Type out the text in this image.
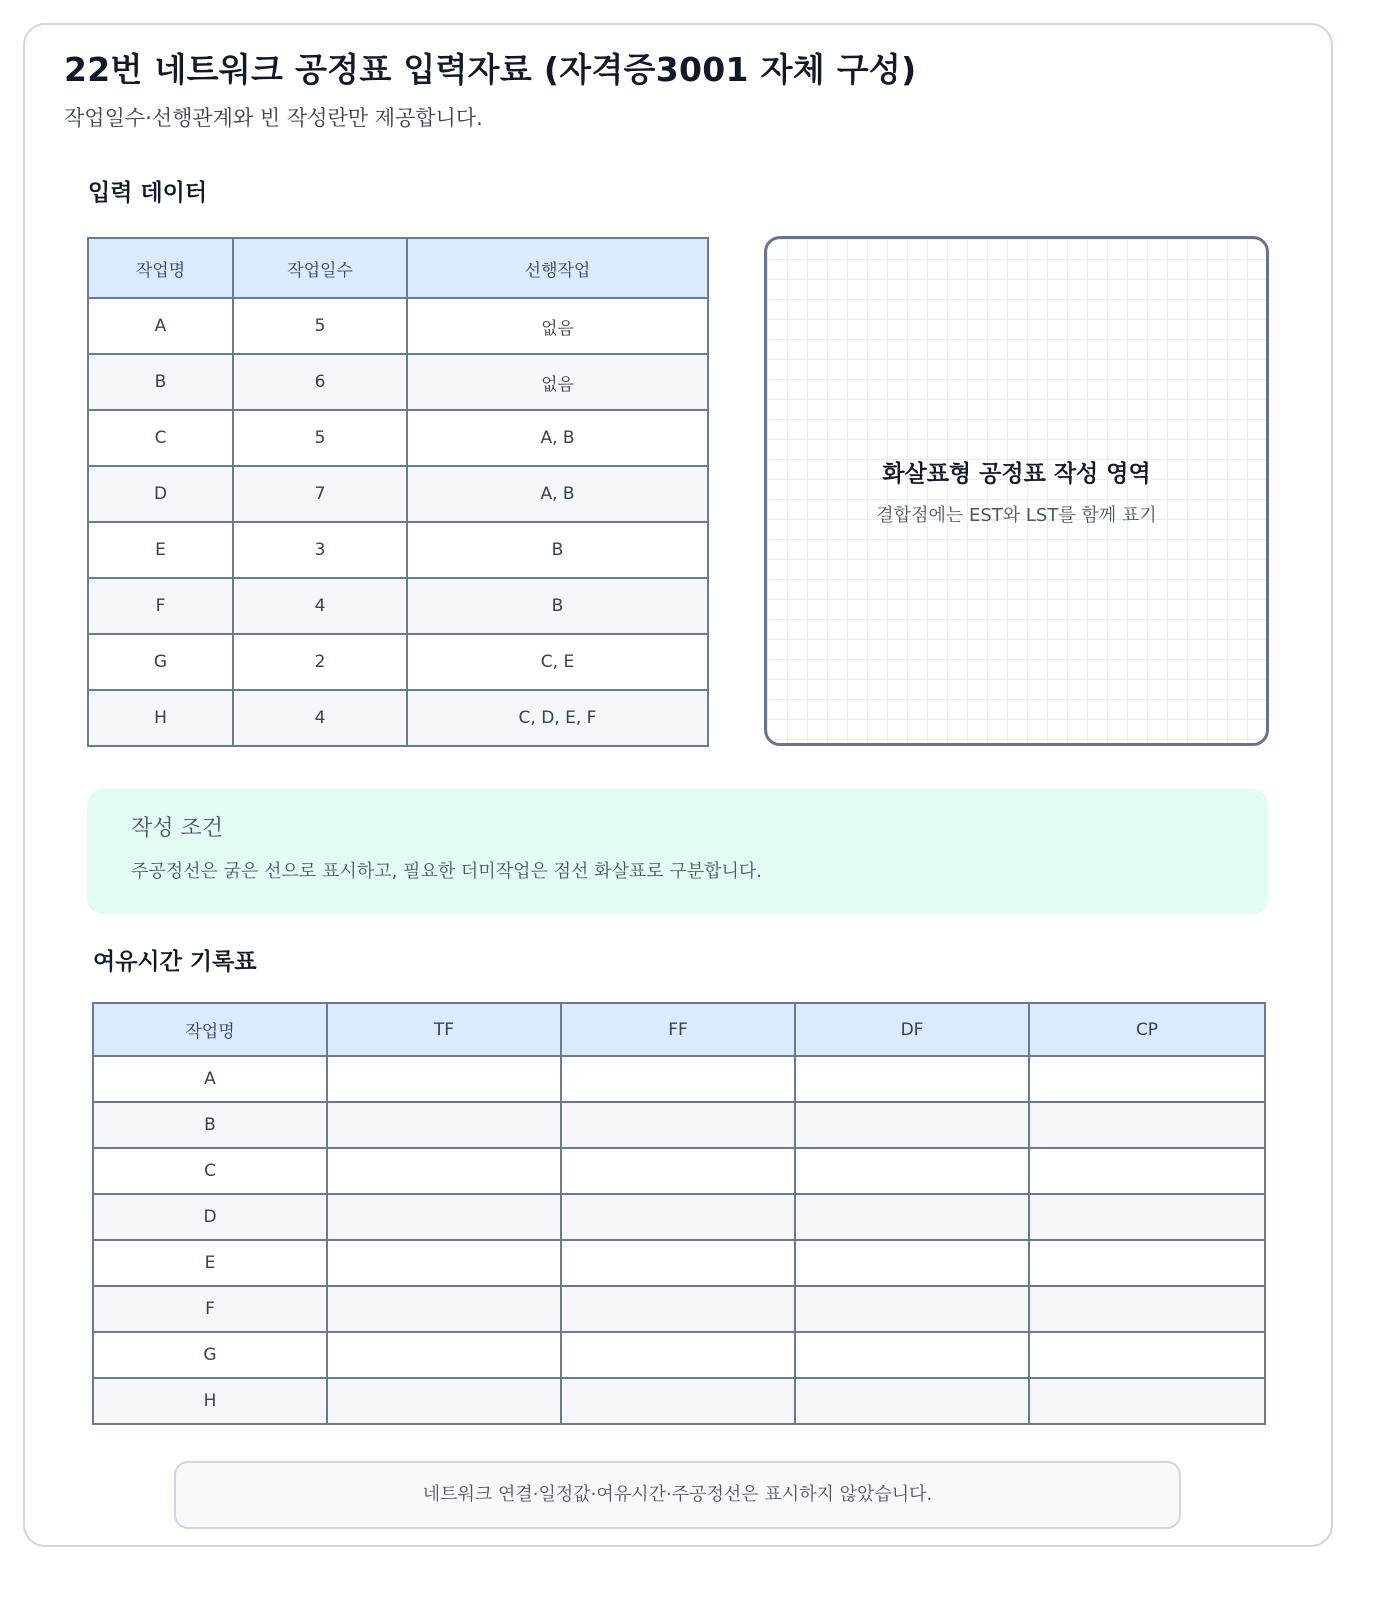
22번 네트워크 공정표 입력자료 (자격증3001 자체 구성)

작업일수·선행관계와 빈 작성란만 제공합니다.

입력 데이터
작업명	작업일수	선행작업
A	5	없음
B	6	없음
C	5	A, B
D	7	A, B
E	3	B
F	4	B
G	2	C, E
H	4	C, D, E, F
화살표형 공정표 작성 영역
결합점에는 EST와 LST를 함께 표기
작성 조건
주공정선은 굵은 선으로 표시하고, 필요한 더미작업은 점선 화살표로 구분합니다.
여유시간 기록표
작업명	TF	FF	DF	CP
A				
B				
C				
D				
E				
F				
G				
H				
네트워크 연결·일정값·여유시간·주공정선은 표시하지 않았습니다.
